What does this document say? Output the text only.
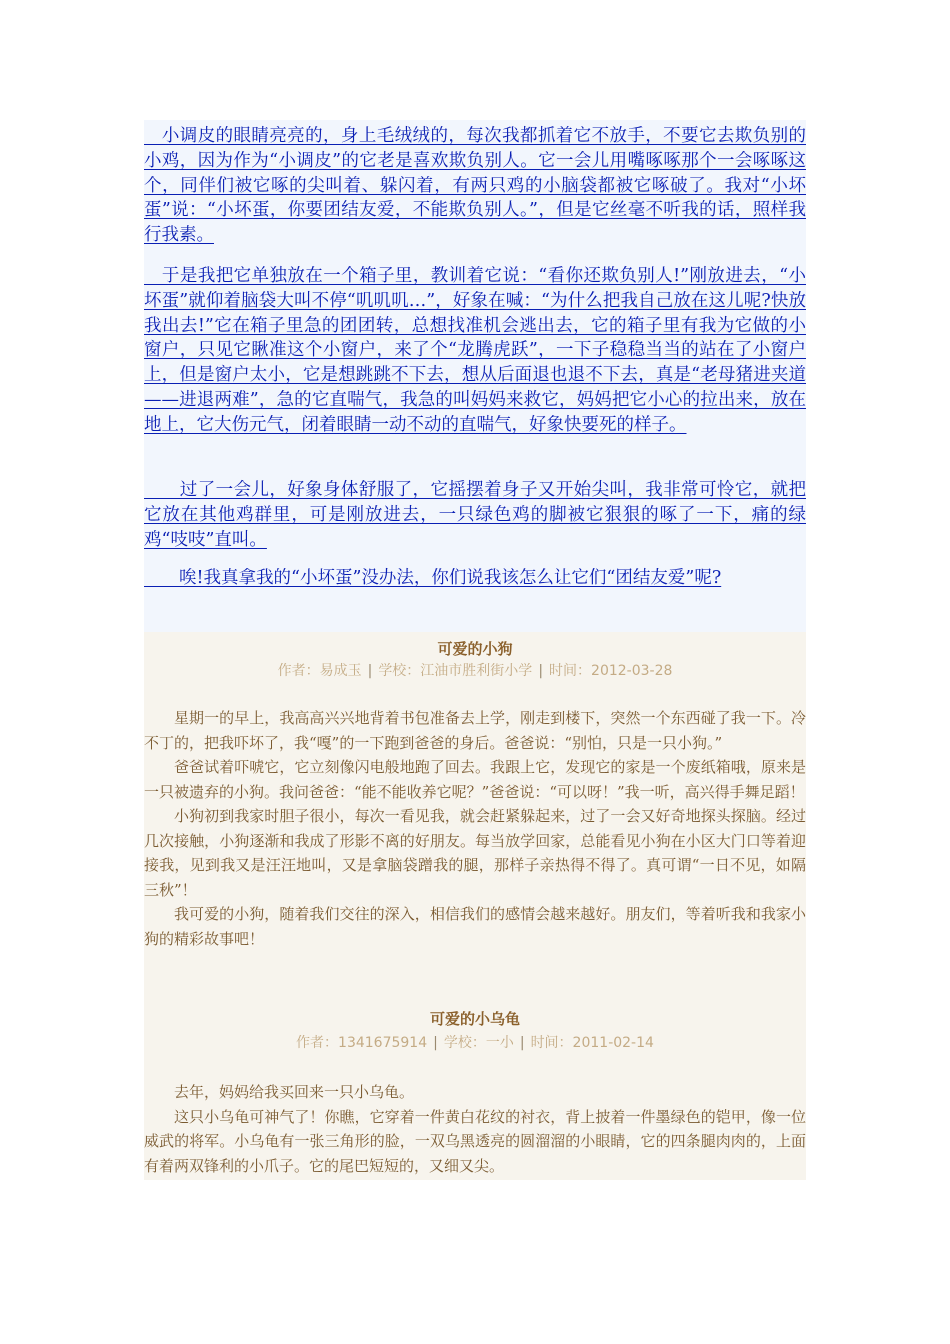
　小调皮的眼睛亮亮的，身上毛绒绒的，每次我都抓着它不放手，不要它去欺负别的小鸡，因为作为“小调皮”的它老是喜欢欺负别人。它一会儿用嘴啄啄那个一会啄啄这个，同伴们被它啄的尖叫着、躲闪着，有两只鸡的小脑袋都被它啄破了。我对“小坏蛋”说：“小坏蛋，你要团结友爱，不能欺负别人。”，但是它丝毫不听我的话，照样我行我素。

　于是我把它单独放在一个箱子里，教训着它说：“看你还欺负别人!”刚放进去，“小坏蛋”就仰着脑袋大叫不停“叽叽叽…”，好象在喊：“为什么把我自己放在这儿呢?快放我出去!”它在箱子里急的团团转，总想找准机会逃出去，它的箱子里有我为它做的小窗户，只见它瞅准这个小窗户，来了个“龙腾虎跃”，一下子稳稳当当的站在了小窗户上，但是窗户太小，它是想跳跳不下去，想从后面退也退不下去，真是“老母猪进夹道——进退两难”，急的它直喘气，我急的叫妈妈来救它，妈妈把它小心的拉出来，放在地上，它大伤元气，闭着眼睛一动不动的直喘气，好象快要死的样子。

　　过了一会儿，好象身体舒服了，它摇摆着身子又开始尖叫，我非常可怜它，就把它放在其他鸡群里，可是刚放进去，一只绿色鸡的脚被它狠狠的啄了一下，痛的绿鸡“吱吱”直叫。

　　唉!我真拿我的“小坏蛋”没办法，你们说我该怎么让它们“团结友爱”呢?

可爱的小狗
作者：易成玉 | 学校：江油市胜利街小学 | 时间：2012-03-28

星期一的早上，我高高兴兴地背着书包准备去上学，刚走到楼下，突然一个东西碰了我一下。冷不丁的，把我吓坏了，我“嘎”的一下跑到爸爸的身后。爸爸说：“别怕，只是一只小狗。”

爸爸试着吓唬它，它立刻像闪电般地跑了回去。我跟上它，发现它的家是一个废纸箱哦，原来是一只被遗弃的小狗。我问爸爸：“能不能收养它呢？”爸爸说：“可以呀！”我一听，高兴得手舞足蹈！

小狗初到我家时胆子很小，每次一看见我，就会赶紧躲起来，过了一会又好奇地探头探脑。经过几次接触，小狗逐渐和我成了形影不离的好朋友。每当放学回家，总能看见小狗在小区大门口等着迎接我，见到我又是汪汪地叫，又是拿脑袋蹭我的腿，那样子亲热得不得了。真可谓“一日不见，如隔三秋”！

我可爱的小狗，随着我们交往的深入，相信我们的感情会越来越好。朋友们，等着听我和我家小狗的精彩故事吧！

可爱的小乌龟
作者：1341675914 | 学校：一小 | 时间：2011-02-14

去年，妈妈给我买回来一只小乌龟。

这只小乌龟可神气了！你瞧，它穿着一件黄白花纹的衬衣，背上披着一件墨绿色的铠甲，像一位威武的将军。小乌龟有一张三角形的脸，一双乌黑透亮的圆溜溜的小眼睛，它的四条腿肉肉的，上面有着两双锋利的小爪子。它的尾巴短短的，又细又尖。
